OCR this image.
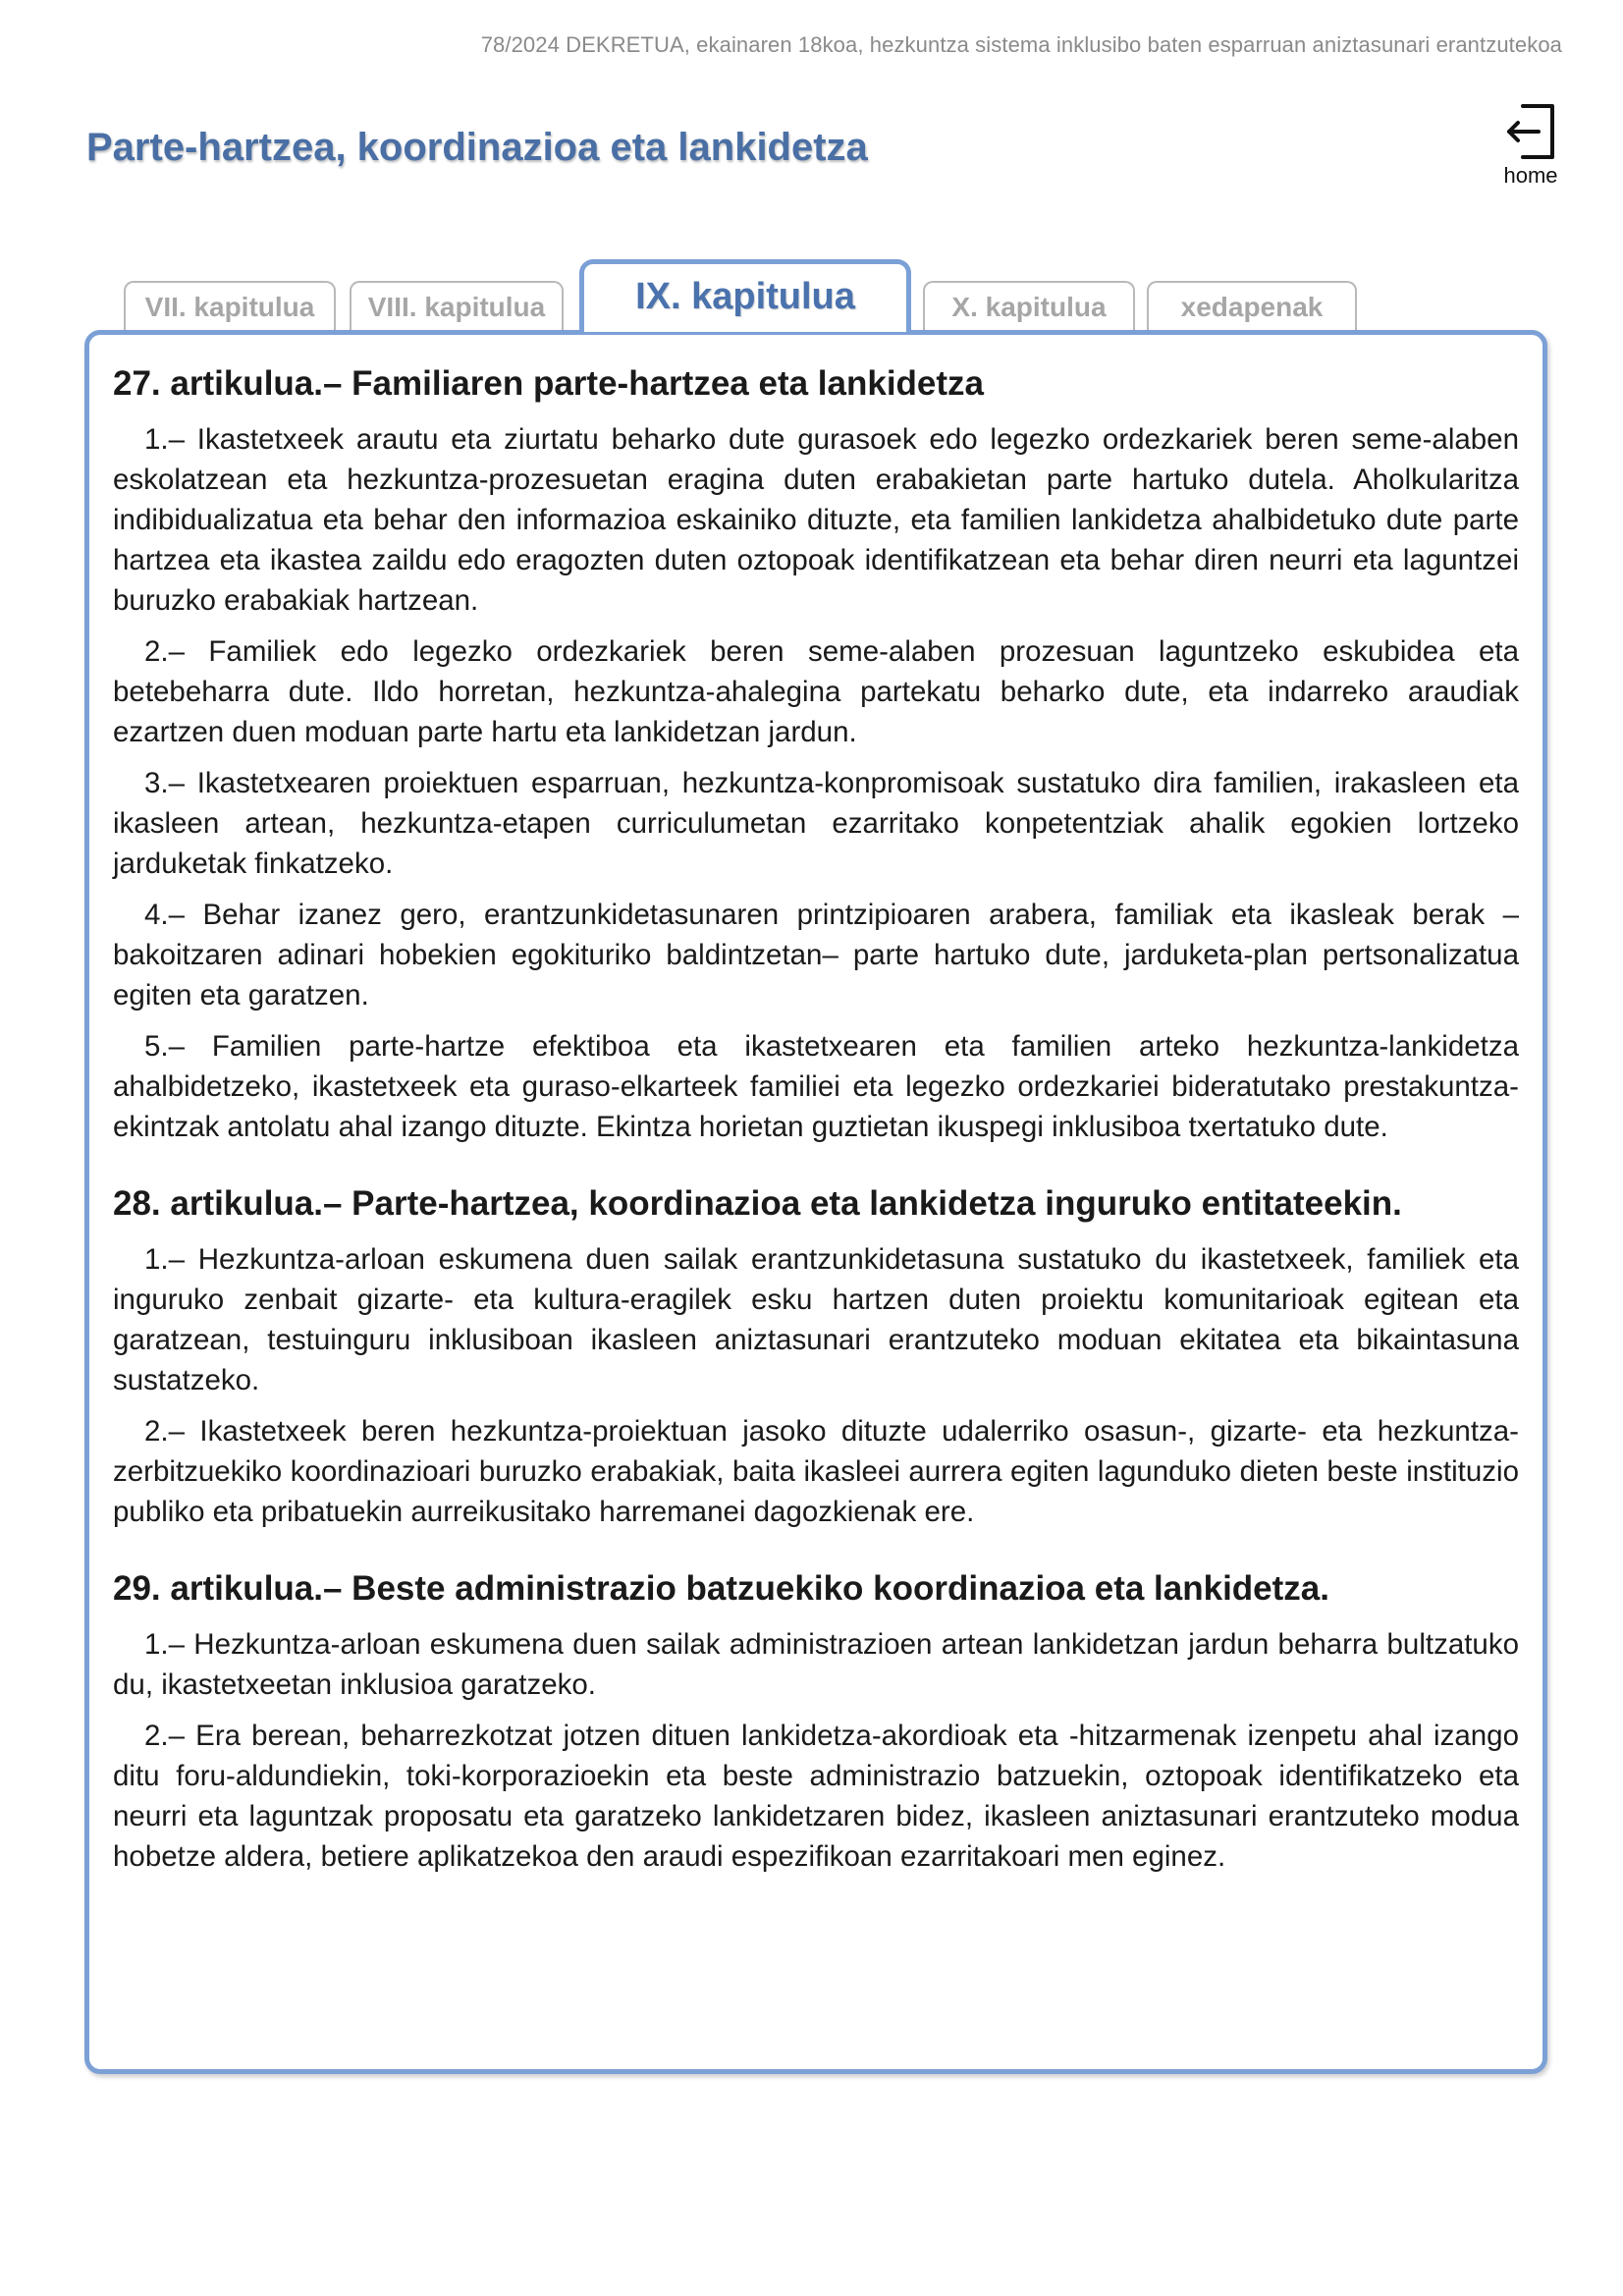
78/2024 DEKRETUA, ekainaren 18koa, hezkuntza sistema inklusibo baten esparruan aniztasunari erantzutekoa
Parte-hartzea, koordinazioa eta lankidetza
home
VII. kapitulua	VIII. kapitulua	IX. kapitulua	X. kapitulua	xedapenak
27. artikulua.– Familiaren parte-hartzea eta lankidetza

1.– Ikastetxeek arautu eta ziurtatu beharko dute gurasoek edo legezko ordezkariek beren seme-alaben eskolatzean eta hezkuntza-prozesuetan eragina duten erabakietan parte hartuko dutela. Aholkularitza indibidualizatua eta behar den informazioa eskainiko dituzte, eta familien lankidetza ahalbidetuko dute parte hartzea eta ikastea zaildu edo eragozten duten oztopoak identifikatzean eta behar diren neurri eta laguntzei buruzko erabakiak hartzean.

2.– Familiek edo legezko ordezkariek beren seme-alaben prozesuan laguntzeko eskubidea eta betebeharra dute. Ildo horretan, hezkuntza-ahalegina partekatu beharko dute, eta indarreko araudiak ezartzen duen moduan parte hartu eta lankidetzan jardun.

3.– Ikastetxearen proiektuen esparruan, hezkuntza-konpromisoak sustatuko dira familien, irakasleen eta ikasleen artean, hezkuntza-etapen curriculumetan ezarritako konpetentziak ahalik egokien lortzeko jarduketak finkatzeko.

4.– Behar izanez gero, erantzunkidetasunaren printzipioaren arabera, familiak eta ikasleak berak –bakoitzaren adinari hobekien egokituriko baldintzetan– parte hartuko dute, jarduketa-plan pertsonalizatua egiten eta garatzen.

5.– Familien parte-hartze efektiboa eta ikastetxearen eta familien arteko hezkuntza-lankidetza ahalbidetzeko, ikastetxeek eta guraso-elkarteek familiei eta legezko ordezkariei bideratutako prestakuntza-ekintzak antolatu ahal izango dituzte. Ekintza horietan guztietan ikuspegi inklusiboa txertatuko dute.

28. artikulua.– Parte-hartzea, koordinazioa eta lankidetza inguruko entitateekin.

1.– Hezkuntza-arloan eskumena duen sailak erantzunkidetasuna sustatuko du ikastetxeek, familiek eta inguruko zenbait gizarte- eta kultura-eragilek esku hartzen duten proiektu komunitarioak egitean eta garatzean, testuinguru inklusiboan ikasleen aniztasunari erantzuteko moduan ekitatea eta bikaintasuna sustatzeko.

2.– Ikastetxeek beren hezkuntza-proiektuan jasoko dituzte udalerriko osasun-, gizarte- eta hezkuntza-zerbitzuekiko koordinazioari buruzko erabakiak, baita ikasleei aurrera egiten lagunduko dieten beste instituzio publiko eta pribatuekin aurreikusitako harremanei dagozkienak ere.

29. artikulua.– Beste administrazio batzuekiko koordinazioa eta lankidetza.

1.– Hezkuntza-arloan eskumena duen sailak administrazioen artean lankidetzan jardun beharra bultzatuko du, ikastetxeetan inklusioa garatzeko.

2.– Era berean, beharrezkotzat jotzen dituen lankidetza-akordioak eta -hitzarmenak izenpetu ahal izango ditu foru-aldundiekin, toki-korporazioekin eta beste administrazio batzuekin, oztopoak identifikatzeko eta neurri eta laguntzak proposatu eta garatzeko lankidetzaren bidez, ikasleen aniztasunari erantzuteko modua hobetze aldera, betiere aplikatzekoa den araudi espezifikoan ezarritakoari men eginez.
